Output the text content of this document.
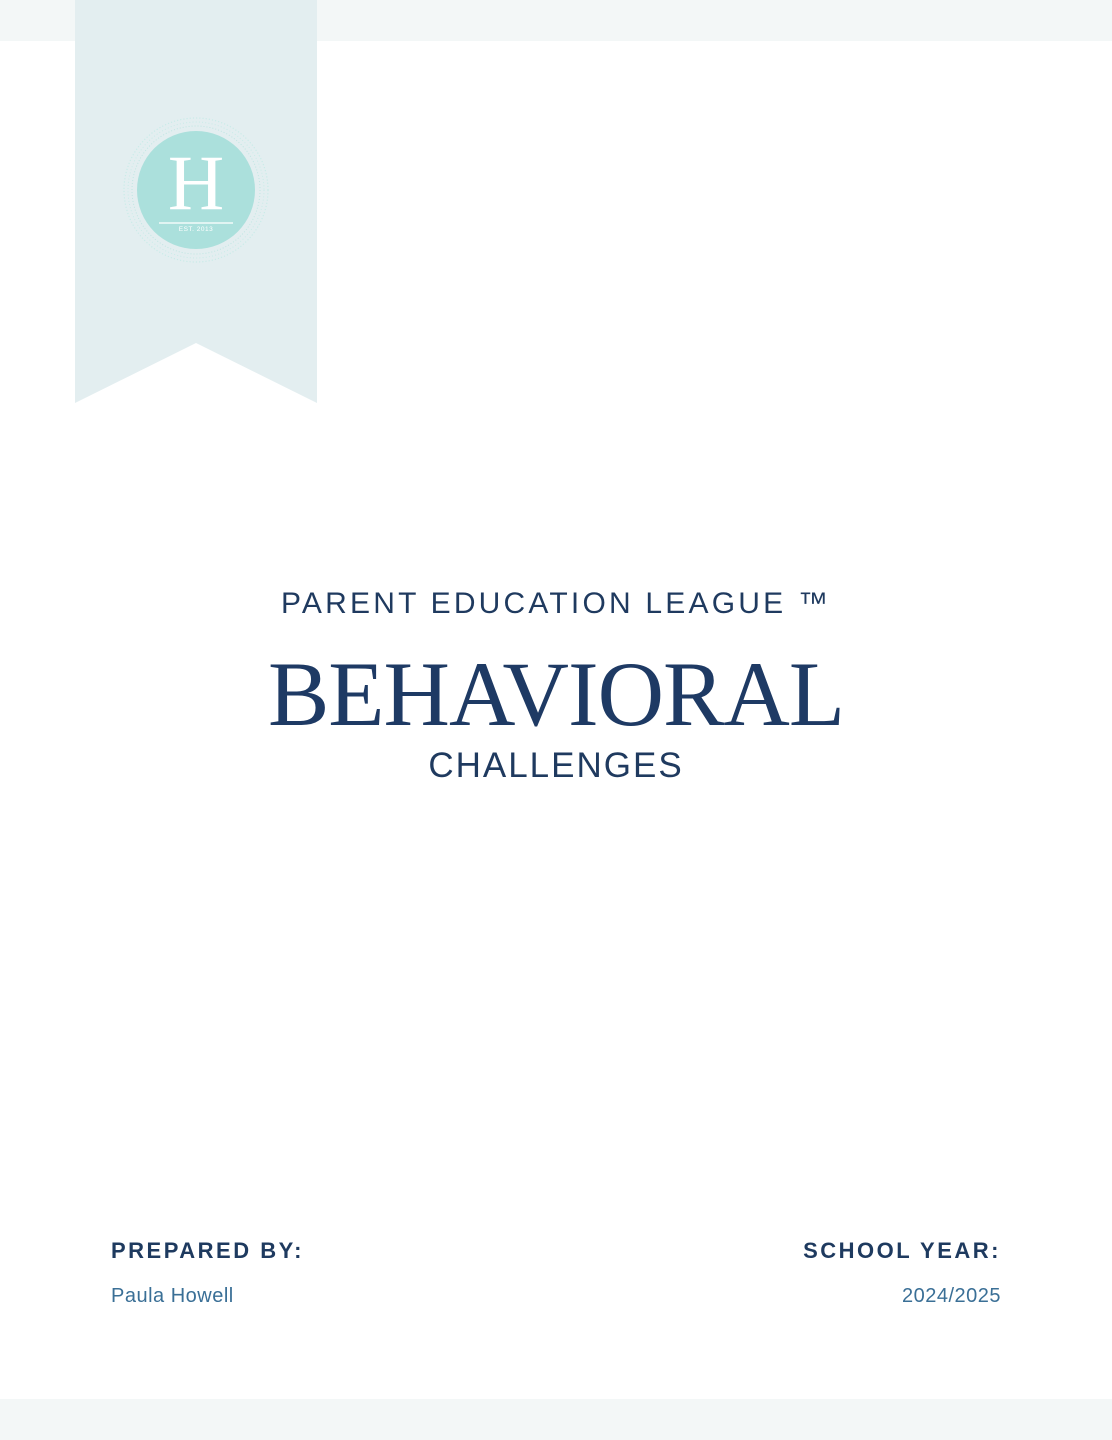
H
EST. 2013
PARENT EDUCATION LEAGUE ™
BEHAVIORAL
CHALLENGES
PREPARED BY:
Paula Howell
SCHOOL YEAR:
2024/2025
